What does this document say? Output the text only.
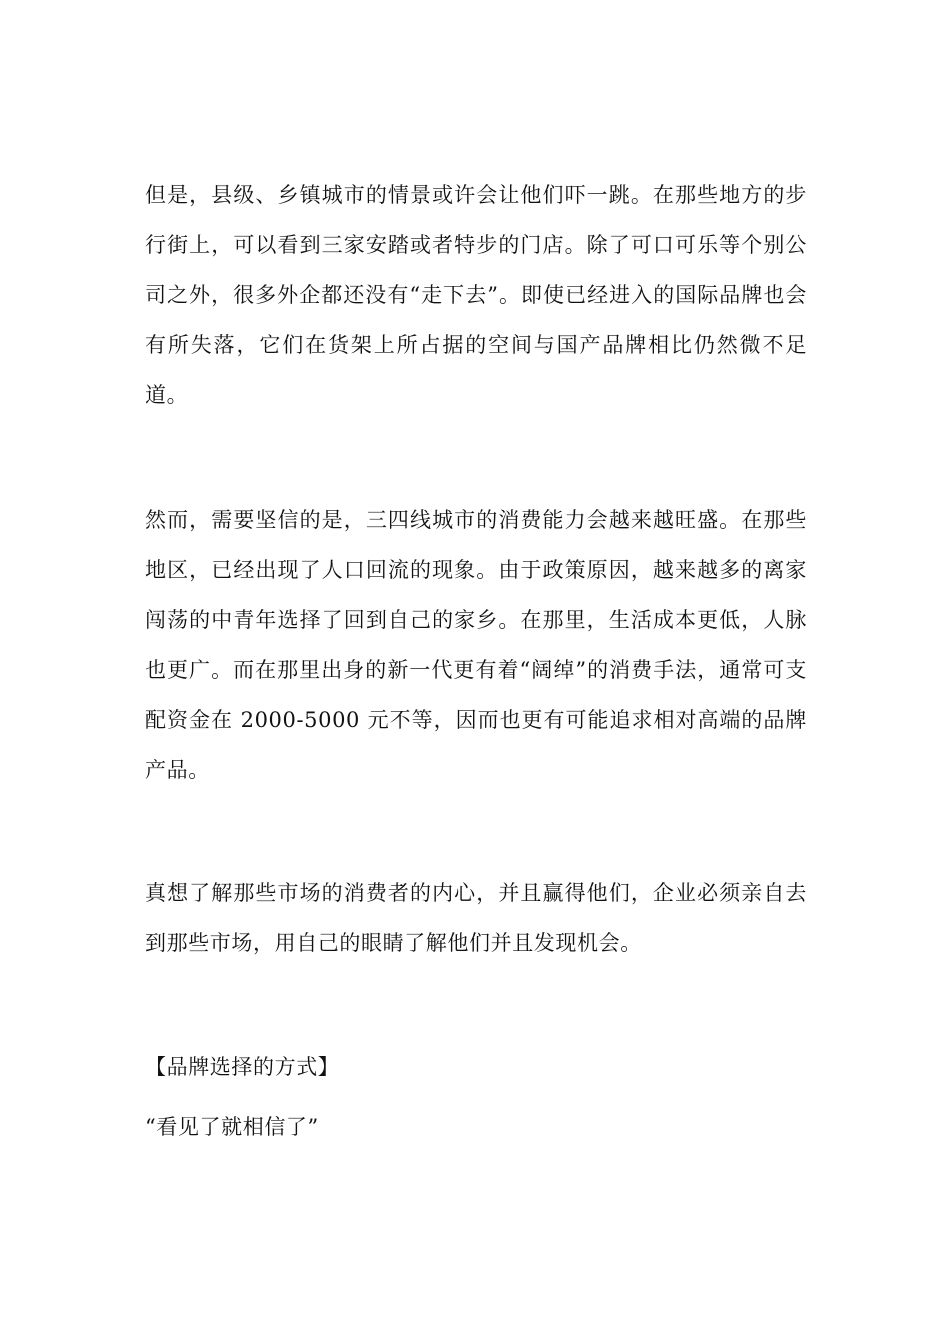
但是，县级、乡镇城市的情景或许会让他们吓一跳。在那些地方的步行街上，可以看到三家安踏或者特步的门店。除了可口可乐等个别公司之外，很多外企都还没有“走下去”。即使已经进入的国际品牌也会有所失落，它们在货架上所占据的空间与国产品牌相比仍然微不足道。

然而，需要坚信的是，三四线城市的消费能力会越来越旺盛。在那些地区，已经出现了人口回流的现象。由于政策原因，越来越多的离家闯荡的中青年选择了回到自己的家乡。在那里，生活成本更低，人脉也更广。而在那里出身的新一代更有着“阔绰”的消费手法，通常可支配资金在 2000-5000 元不等，因而也更有可能追求相对高端的品牌产品。

真想了解那些市场的消费者的内心，并且赢得他们，企业必须亲自去到那些市场，用自己的眼睛了解他们并且发现机会。

【品牌选择的方式】

“看见了就相信了”
